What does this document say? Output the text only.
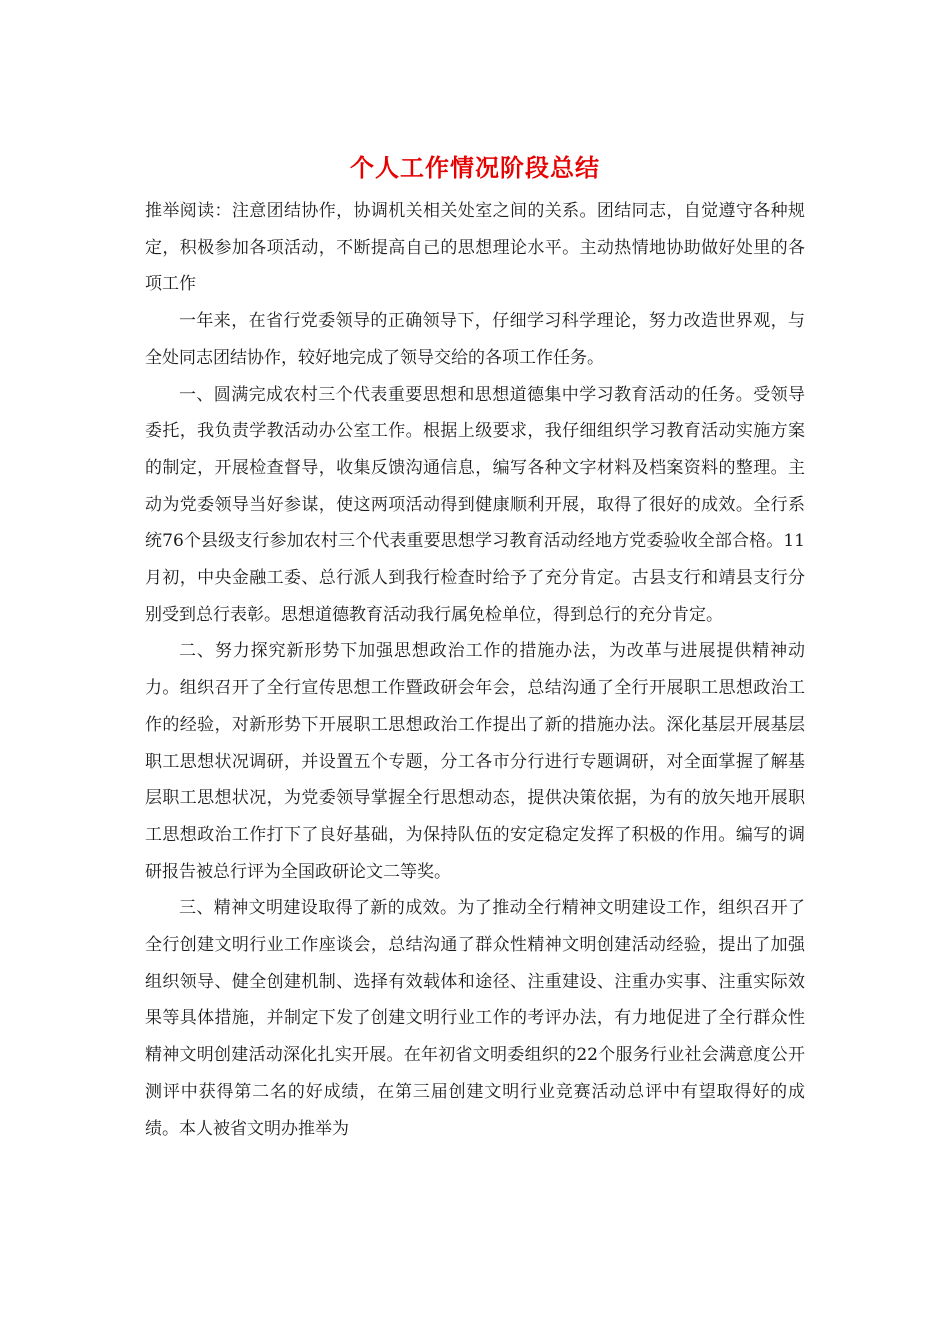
个人工作情况阶段总结

推举阅读：注意团结协作，协调机关相关处室之间的关系。团结同志，自觉遵守各种规定，积极参加各项活动，不断提高自己的思想理论水平。主动热情地协助做好处里的各项工作

一年来，在省行党委领导的正确领导下，仔细学习科学理论，努力改造世界观，与全处同志团结协作，较好地完成了领导交给的各项工作任务。

一、圆满完成农村三个代表重要思想和思想道德集中学习教育活动的任务。受领导委托，我负责学教活动办公室工作。根据上级要求，我仔细组织学习教育活动实施方案的制定，开展检查督导，收集反馈沟通信息，编写各种文字材料及档案资料的整理。主动为党委领导当好参谋，使这两项活动得到健康顺利开展，取得了很好的成效。全行系统76个县级支行参加农村三个代表重要思想学习教育活动经地方党委验收全部合格。11月初，中央金融工委、总行派人到我行检查时给予了充分肯定。古县支行和靖县支行分别受到总行表彰。思想道德教育活动我行属免检单位，得到总行的充分肯定。

二、努力探究新形势下加强思想政治工作的措施办法，为改革与进展提供精神动力。组织召开了全行宣传思想工作暨政研会年会，总结沟通了全行开展职工思想政治工作的经验，对新形势下开展职工思想政治工作提出了新的措施办法。深化基层开展基层职工思想状况调研，并设置五个专题，分工各市分行进行专题调研，对全面掌握了解基层职工思想状况，为党委领导掌握全行思想动态，提供决策依据，为有的放矢地开展职工思想政治工作打下了良好基础，为保持队伍的安定稳定发挥了积极的作用。编写的调研报告被总行评为全国政研论文二等奖。

三、精神文明建设取得了新的成效。为了推动全行精神文明建设工作，组织召开了全行创建文明行业工作座谈会，总结沟通了群众性精神文明创建活动经验，提出了加强组织领导、健全创建机制、选择有效载体和途径、注重建设、注重办实事、注重实际效果等具体措施，并制定下发了创建文明行业工作的考评办法，有力地促进了全行群众性精神文明创建活动深化扎实开展。在年初省文明委组织的22个服务行业社会满意度公开测评中获得第二名的好成绩，在第三届创建文明行业竞赛活动总评中有望取得好的成绩。本人被省文明办推举为
